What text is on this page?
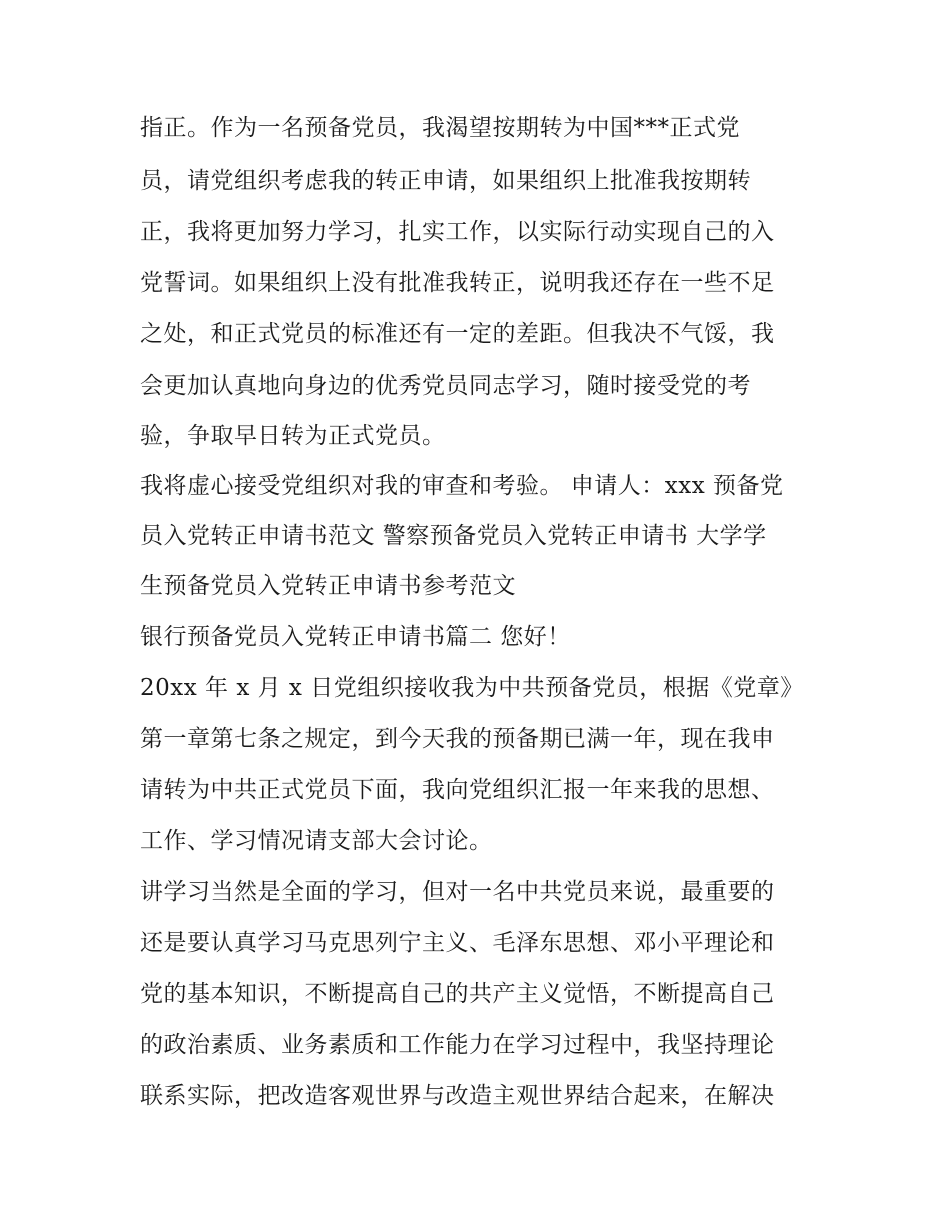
指正。作为一名预备党员，我渴望按期转为中国***正式党
员，请党组织考虑我的转正申请，如果组织上批准我按期转
正，我将更加努力学习，扎实工作，以实际行动实现自己的入
党誓词。如果组织上没有批准我转正，说明我还存在一些不足
之处，和正式党员的标准还有一定的差距。但我决不气馁，我
会更加认真地向身边的优秀党员同志学习，随时接受党的考
验，争取早日转为正式党员。
我将虚心接受党组织对我的审查和考验。 申请人：xxx 预备党
员入党转正申请书范文 警察预备党员入党转正申请书 大学学
生预备党员入党转正申请书参考范文
银行预备党员入党转正申请书篇二 您好！
20xx 年 x 月 x 日党组织接收我为中共预备党员，根据《党章》
第一章第七条之规定，到今天我的预备期已满一年，现在我申
请转为中共正式党员下面，我向党组织汇报一年来我的思想、
工作、学习情况请支部大会讨论。
讲学习当然是全面的学习，但对一名中共党员来说，最重要的
还是要认真学习马克思列宁主义、毛泽东思想、邓小平理论和
党的基本知识，不断提高自己的共产主义觉悟，不断提高自己
的政治素质、业务素质和工作能力在学习过程中，我坚持理论
联系实际，把改造客观世界与改造主观世界结合起来，在解决
